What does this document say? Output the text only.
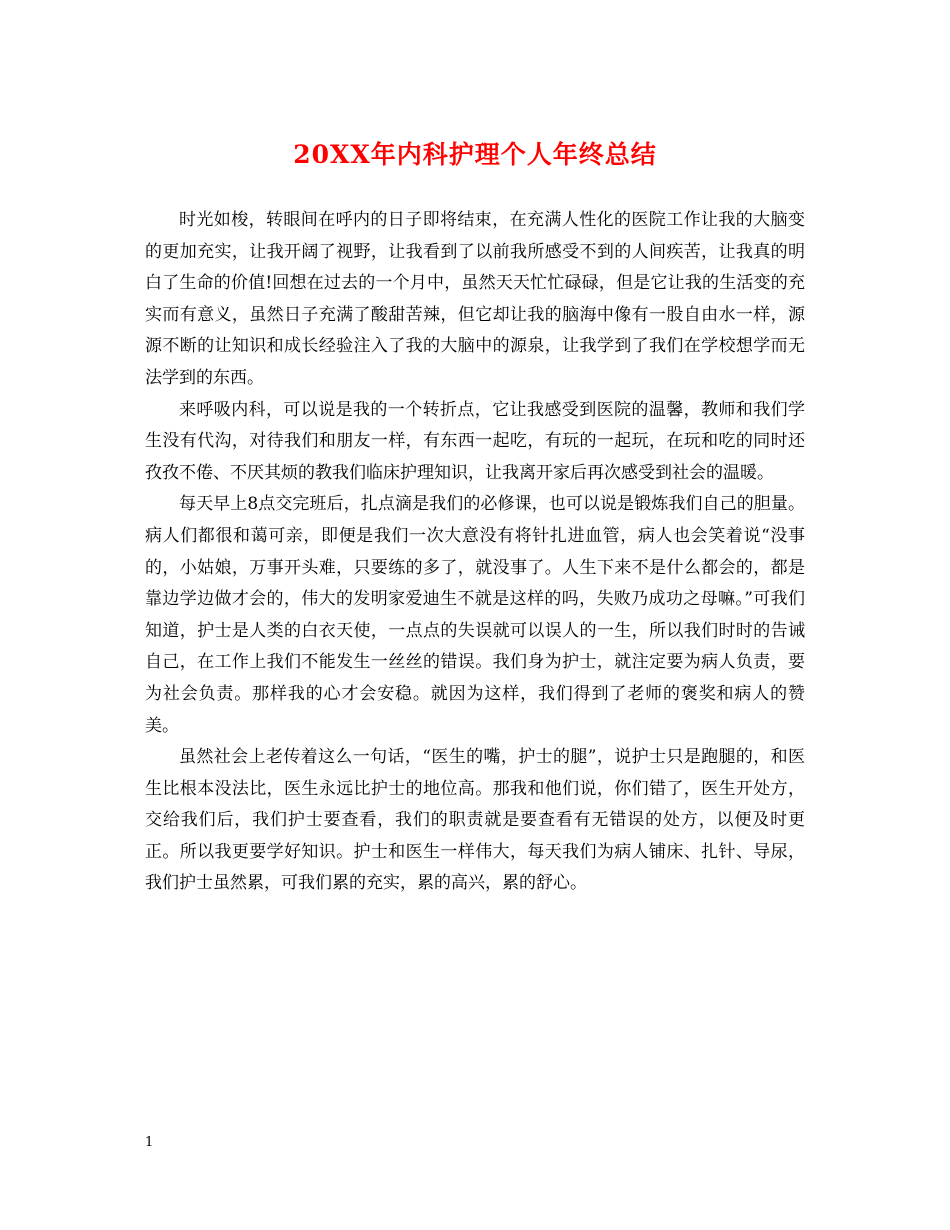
20XX年内科护理个人年终总结

时光如梭，转眼间在呼内的日子即将结束，在充满人性化的医院工作让我的大脑变的更加充实，让我开阔了视野，让我看到了以前我所感受不到的人间疾苦，让我真的明白了生命的价值!回想在过去的一个月中，虽然天天忙忙碌碌，但是它让我的生活变的充实而有意义，虽然日子充满了酸甜苦辣，但它却让我的脑海中像有一股自由水一样，源源不断的让知识和成长经验注入了我的大脑中的源泉，让我学到了我们在学校想学而无法学到的东西。

来呼吸内科，可以说是我的一个转折点，它让我感受到医院的温馨，教师和我们学生没有代沟，对待我们和朋友一样，有东西一起吃，有玩的一起玩，在玩和吃的同时还孜孜不倦、不厌其烦的教我们临床护理知识，让我离开家后再次感受到社会的温暖。

每天早上8点交完班后，扎点滴是我们的必修课，也可以说是锻炼我们自己的胆量。病人们都很和蔼可亲，即便是我们一次大意没有将针扎进血管，病人也会笑着说“没事的，小姑娘，万事开头难，只要练的多了，就没事了。人生下来不是什么都会的，都是靠边学边做才会的，伟大的发明家爱迪生不就是这样的吗，失败乃成功之母嘛。”可我们知道，护士是人类的白衣天使，一点点的失误就可以误人的一生，所以我们时时的告诫自己，在工作上我们不能发生一丝丝的错误。我们身为护士，就注定要为病人负责，要为社会负责。那样我的心才会安稳。就因为这样，我们得到了老师的褒奖和病人的赞美。

虽然社会上老传着这么一句话，“医生的嘴，护士的腿”，说护士只是跑腿的，和医生比根本没法比，医生永远比护士的地位高。那我和他们说，你们错了，医生开处方，交给我们后，我们护士要查看，我们的职责就是要查看有无错误的处方，以便及时更正。所以我更要学好知识。护士和医生一样伟大，每天我们为病人铺床、扎针、导尿，我们护士虽然累，可我们累的充实，累的高兴，累的舒心。

1
